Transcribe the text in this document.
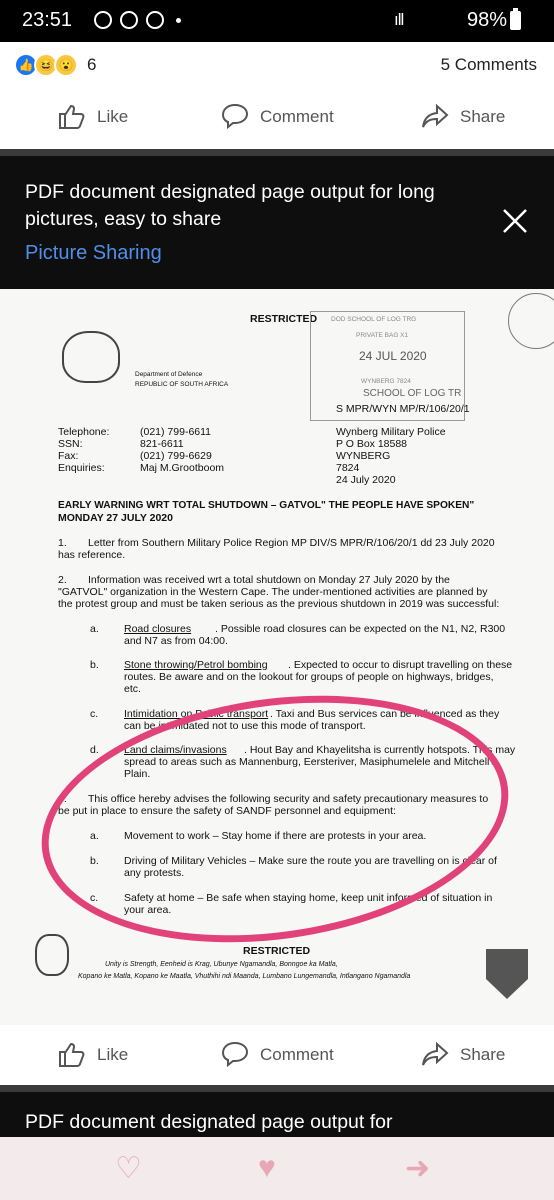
23:51	ıll	98%
👍 😆 😮 6	5 Comments
Like	Comment	Share
PDF document designated page output for long pictures, easy to share
Picture Sharing
Department of Defence
REPUBLIC OF SOUTH AFRICA
RESTRICTED DOD SCHOOL OF LOG TRG
PRIVATE BAG X1
24 JUL 2020
WYNBERG 7824
SCHOOL OF LOG TR
S MPR/WYN MP/R/106/20/1
Telephone:	(021) 799-6611
SSN:	821-6611
Fax:	(021) 799-6629
Enquiries:	Maj M.Grootboom
Wynberg Military Police
P O Box 18588
WYNBERG
7824
24 July 2020
EARLY WARNING WRT TOTAL SHUTDOWN – GATVOL" THE PEOPLE HAVE SPOKEN"
MONDAY 27 JULY 2020
1. Letter from Southern Military Police Region MP DIV/S MPR/R/106/20/1 dd 23 July 2020
has reference.
2. Information was received wrt a total shutdown on Monday 27 July 2020 by the
"GATVOL" organization in the Western Cape. The under-mentioned activities are planned by
the protest group and must be taken serious as the previous shutdown in 2019 was successful:
a. Road closures . Possible road closures can be expected on the N1, N2, R300
and N7 as from 04:00.
b. Stone throwing/Petrol bombing . Expected to occur to disrupt travelling on these
routes. Be aware and on the lookout for groups of people on highways, bridges,
etc.
c. Intimidation on Public transport . Taxi and Bus services can be influenced as they
can be intimidated not to use this mode of transport.
d. Land claims/invasions . Hout Bay and Khayelitsha is currently hotspots. This may
spread to areas such as Mannenburg, Eersteriver, Masiphumelele and Mitchell's
Plain.
3. This office hereby advises the following security and safety precautionary measures to
be put in place to ensure the safety of SANDF personnel and equipment:
a. Movement to work – Stay home if there are protests in your area.
b. Driving of Military Vehicles – Make sure the route you are travelling on is clear of
any protests.
c. Safety at home – Be safe when staying home, keep unit informed of situation in
your area.
RESTRICTED
Unity is Strength, Eenheid is Krag, Ubunye Ngamandla, Bonngoe ka Matla,
Kopano ke Matla, Kopano ke Maatla, Vhuthihi ndi Maanda, Lumbano Lungemandla, Intlangano Ngamandla
Like	Comment	Share
PDF document designated page output for
♡	♥	➜
